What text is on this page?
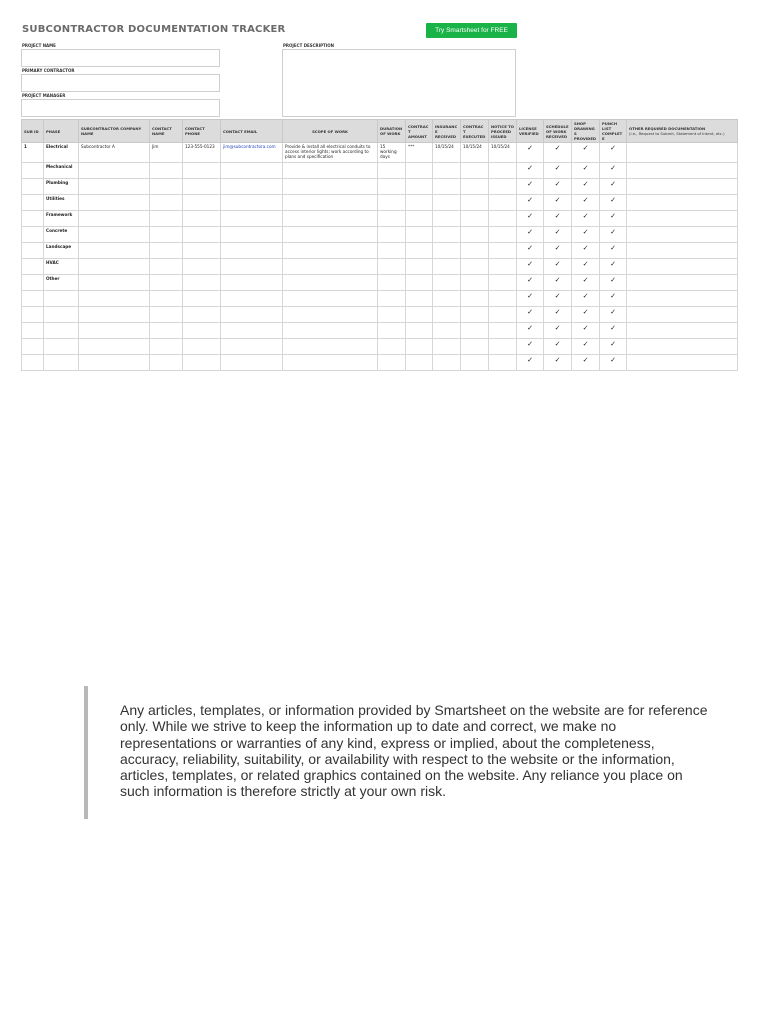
SUBCONTRACTOR DOCUMENTATION TRACKER	Try Smartsheet for FREE
PROJECT NAME
PRIMARY CONTRACTOR
PROJECT MANAGER
PROJECT DESCRIPTION
SUB ID	PHASE	SUBCONTRACTOR COMPANY NAME	CONTACT NAME	CONTACT PHONE	CONTACT EMAIL	SCOPE OF WORK	DURATION OF WORK	CONTRACT AMOUNT	INSURANCE RECEIVED	CONTRACT EXECUTED	NOTICE TO PROCEED ISSUED	LICENSE VERIFIED	SCHEDULE OF WORK RECEIVED	SHOP DRAWINGS PROVIDED	PUNCH LIST COMPLETE	OTHER REQUIRED DOCUMENTATION
(i.e., Request to Submit, Statement of Intent, etc.)
1	Electrical	Subcontractor A	Jim	123-555-0123	jim@subcontractora.com	Provide & install all electrical conduits to access interior lights; work according to plans and specification	15 working days	***	10/15/24	10/15/24	10/15/24	✓	✓	✓	✓	
	Mechanical											✓	✓	✓	✓	
	Plumbing											✓	✓	✓	✓	
	Utilities											✓	✓	✓	✓	
	Framework											✓	✓	✓	✓	
	Concrete											✓	✓	✓	✓	
	Landscape											✓	✓	✓	✓	
	HVAC											✓	✓	✓	✓	
	Other											✓	✓	✓	✓	
												✓	✓	✓	✓	
												✓	✓	✓	✓	
												✓	✓	✓	✓	
												✓	✓	✓	✓	
												✓	✓	✓	✓	
Any articles, templates, or information provided by Smartsheet on the website are for reference only. While we strive to keep the information up to date and correct, we make no representations or warranties of any kind, express or implied, about the completeness, accuracy, reliability, suitability, or availability with respect to the website or the information, articles, templates, or related graphics contained on the website. Any reliance you place on such information is therefore strictly at your own risk.
